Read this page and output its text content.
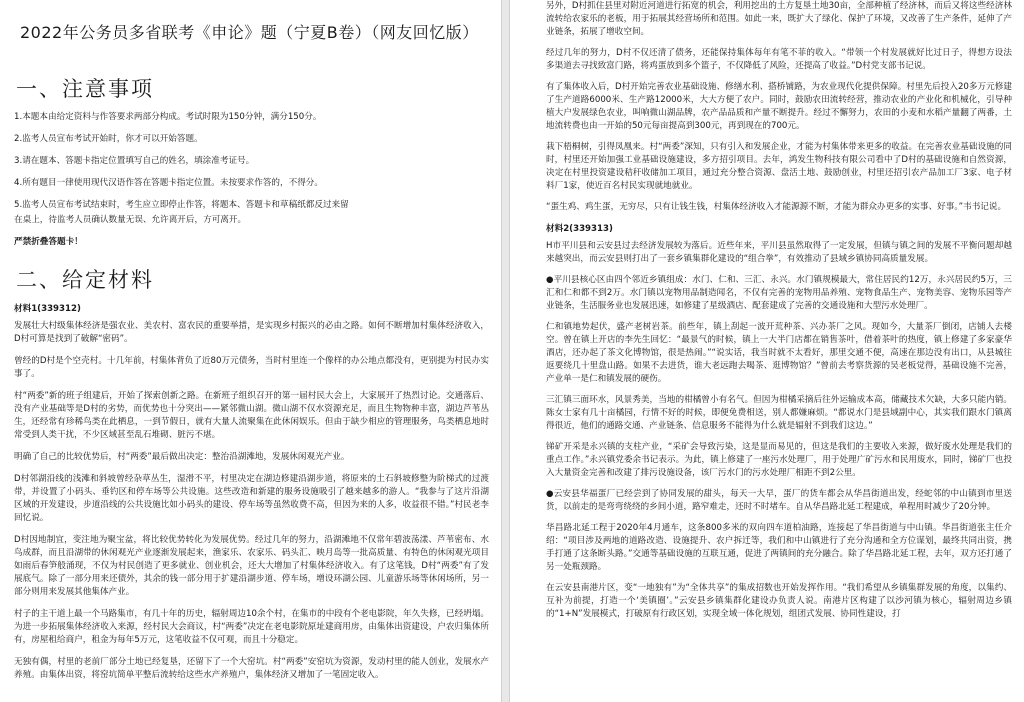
2022年公务员多省联考《申论》题（宁夏B卷）（网友回忆版）
一、注意事项
1.本题本由给定资料与作答要求两部分构成。考试时限为150分钟，满分150分。
2.监考人员宣布考试开始时，你才可以开始答题。
3.请在题本、答题卡指定位置填写自己的姓名，填涂准考证号。
4.所有题目一律使用现代汉语作答在答题卡指定位置。未按要求作答的，不得分。
5.监考人员宣布考试结束时，考生应立即停止作答，将题本、答题卡和草稿纸都反过来留
在桌上，待监考人员确认数量无误、允许离开后，方可离开。
严禁折叠答题卡！
二、给定材料
材料1(339312)
发展壮大村级集体经济是强农业、美农村、富农民的重要举措，是实现乡村振兴的必由之路。如何不断增加村集体经济收入，D村可算是找到了破解“密码”。
曾经的D村是个空壳村。十几年前，村集体背负了近80万元债务，当时村里连一个像样的办公地点都没有，更别提为村民办实事了。
村“两委”新的班子组建后，开始了探索创新之路。在新班子组织召开的第一届村民大会上，大家展开了热烈讨论。交通落后、没有产业基础等是D村的劣势，而优势也十分突出——紧邻微山湖。微山湖不仅水资源充足，而且生物物种丰富，湖边芦苇丛生，还经常有珍稀鸟类在此栖息，一到节假日，就有大量人流聚集在此休闲娱乐。但由于缺少相应的管理服务，鸟类栖息地时常受到人类干扰，不少区域甚至乱石堆砌、脏污不堪。
明确了自己的比较优势后，村“两委”最后做出决定：整治沿湖滩地，发展休闲观光产业。
D村邻湖沿线的浅滩和斜坡曾经杂草丛生，湿滑不平，村里决定在湖边修建沿湖步道，将原来的土石斜坡修整为阶梯式的过渡带，并设置了小码头、垂钓区和停车场等公共设施。这些改造和新建的服务设施吸引了越来越多的游人。“我参与了这片沿湖区域的开发建设，步道沿线的公共设施比如小码头的建设、停车场等虽然收费不高，但因为来的人多，收益很不错。”村民老李回忆说。
D村因地制宜，变注地为聚宝盆，将比较优势转化为发展优势。经过几年的努力，沿湖滩地不仅常年碧波荡漾、芦苇密布、水鸟成群，而且沿湖带的休闲观光产业逐渐发展起来，渔家乐、农家乐、码头汇、映月岛等一批高质量、有特色的休闲观光项目如雨后春笋般涌现，不仅为村民创造了更多就业、创业机会，还大大增加了村集体经济收入。有了这笔钱，D村“两委”有了发展底气。除了一部分用来还债外，其余的钱一部分用于扩建沿湖步道、停车场，增设环湖公园、儿童游乐场等休闲场所，另一部分则用来发展其他集体产业。
村子的主干道上最一个马路集市，有几十年的历史，辐射周边10余个村，在集市的中段有个老电影院，年久失修，已经坍塌。为进一步拓展集体经济收入来源，经村民大会商议，村“两委”决定在老电影院原址建商用房，由集体出资建设，户农归集体所有，房屋租给商户，租金为每年5万元，这笔收益不仅可观，而且十分稳定。
无独有偶，村里的老前厂部分土地已经复垦，还留下了一个大窑坑。村“两委”安窑坑为资源，发动村里的能人创业，发展水产养殖。由集体出资，将窑坑简单平整后流转给这些水产养殖户，集体经济又增加了一笔固定收入。
另外，D村抓住县里对附近河道进行拓宽的机会，利用挖出的土方复垦土地30亩，全部种植了经济林，而后又将这些经济林流转给农家乐的老板，用于拓展其经营场所和范围。如此一来，既扩大了绿化、保护了环境，又改善了生产条件，延伸了产业链条，拓展了增收空间。
经过几年的努力，D村不仅还清了债务，还能保持集体每年有笔不菲的收入。“带领一个村发展就好比过日子，得想方设法多渠道去寻找致富门路，将鸡蛋放到多个篮子，不仅降低了风险，还提高了收益。”D村党支部书记说。
有了集体收入后，D村开始完善农业基础设施、修缮水利、搭桥铺路，为农业现代化提供保障。村里先后投入20多万元修建了生产道路6000米、生产路12000米，大大方便了农户。同时，鼓励农田流转经营，推动农业的产业化和机械化，引导种植大户发展绿色农业，叫响微山湖品牌，农产品品质和产量不断提升。经过不懈努力，农田的小麦和水稻产量翻了两番，土地流转费也由一开始的50元每亩提高到300元，再到现在的700元。
栽下梧桐树，引得凤凰来。村“两委”深知，只有引入和发展企业，才能为村集体带来更多的收益。在完善农业基础设施的同时，村里还开始加强工业基础设施建设，多方招引项目。去年，鸿发生物科技有限公司看中了D村的基础设施和自然资源，决定在村里投资建设秸秆收储加工项目，通过充分整合资源、盘活土地、鼓励创业，村里还招引农产品加工厂3家、电子材料厂1家，使近百名村民实现就地就业。
“蛋生鸡、鸡生蛋，无穷尽，只有让钱生钱，村集体经济收入才能源源不断，才能为群众办更多的实事、好事。”韦书记说。
材料2(339313)
H市平川县和云安县过去经济发展较为落后。近些年来，平川县虽然取得了一定发展，但镇与镇之间的发展不平衡问题却越来越突出，而云安县则打出了一套乡镇集群化建设的“组合拳”，有效推动了县域乡镇协同高质量发展。
●平川县核心区由四个邻近乡镇组成：水门、仁和、三汇、永兴。水门镇规模最大，常住居民约12万，永兴居民约5万，三汇和仁和都不到2万。水门镇以宠物用品制造闻名，不仅有完善的宠物用品养殖、宠物食品生产、宠物美容、宠物乐园等产业链条，生活服务业也发展迅速，如修建了星级酒店、配套建成了完善的交通设施和大型污水处理厂。
仁和镇地势起伏，盛产老树岩茶。前些年，镇上刮起一波开荒种茶、兴办茶厂之风。现如今，大量茶厂倒闭，店铺人去楼空。曾在镇上开店的李先生回忆：“最景气的时候，镇上一大半门店都在销售茶叶，借着茶叶的热度，镇上修建了多家豪华酒店，还办起了茶文化博物馆，很是热闹。”“说实话，我当时就不太看好，那里交通不便，高速在那边没有出口，从县城往返要绕几十里盘山路。如果不去进货，谁大老远跑去喝茶、逛博物馆？”曾前去考察货源的吴老板觉得，基础设施不完善，产业单一是仁和镇发展的硬伤。
三汇镇三面环水，风景秀美，当地的柑橘曾小有名气。但因为柑橘采摘后往外运输成本高，储藏技术欠缺，大多只能内销。陈女士家有几十亩橘园，行情不好的时候，即便免费相送，别人都嫌麻烦。“都说水门是县域副中心，其实我们跟水门镇离得很近，他们的通路交通、产业链条、信息服务不能得为什么就是辐射不到我们这边。”
锑矿开采是永兴镇的支柱产业，“采矿会导致污染，这是显而易见的，但这是我们的主要收入来源，做好废水处理是我们的重点工作。”永兴镇党委余书记表示。为此，镇上修建了一座污水处理厂，用于处理广矿污水和民用废水，同时，锑矿厂也投入大量资金完善和改建了排污设施设备，该厂污水门的污水处理厂相距不到2公里。
●云安县华福蛋厂已经尝到了协同发展的甜头，每天一大早，蛋厂的货车都会从华昌街道出发，经蛇邻的中山镇到市里送货，以前走的是弯弯绕绕的乡间小道，路窄难走，还时不时堵车。自从华昌路北延工程建成，单程用时减少了20分钟。
华昌路北延工程于2020年4月通车，这条800多米的双向四车道柏油路，连接起了华昌街道与中山镇。华昌街道张主任介绍：“项目涉及两地的道路改造、设施提升、农户拆迁等，我们和中山镇进行了充分沟通和全方位谋划，最终共同出资，携手打通了这条断头路。”交通等基础设施的互联互通，促进了两镇间的充分融合。除了华昌路北延工程，去年，双方还打通了另一处瓶颈路。
在云安县南港片区，变“一地独有”为“全体共享”的集成招数也开始发挥作用。“我们希望从乡镇集群发展的角度，以集约、互补为前提，打造一个‘美镇圈’。”云安县乡镇集群化建设办负责人说。南港片区构建了以沙河镇为核心，辐射周边乡镇的“1+N”发展模式，打破原有行政区划，实现全域一体化规划，组团式发展、协同性建设，打
